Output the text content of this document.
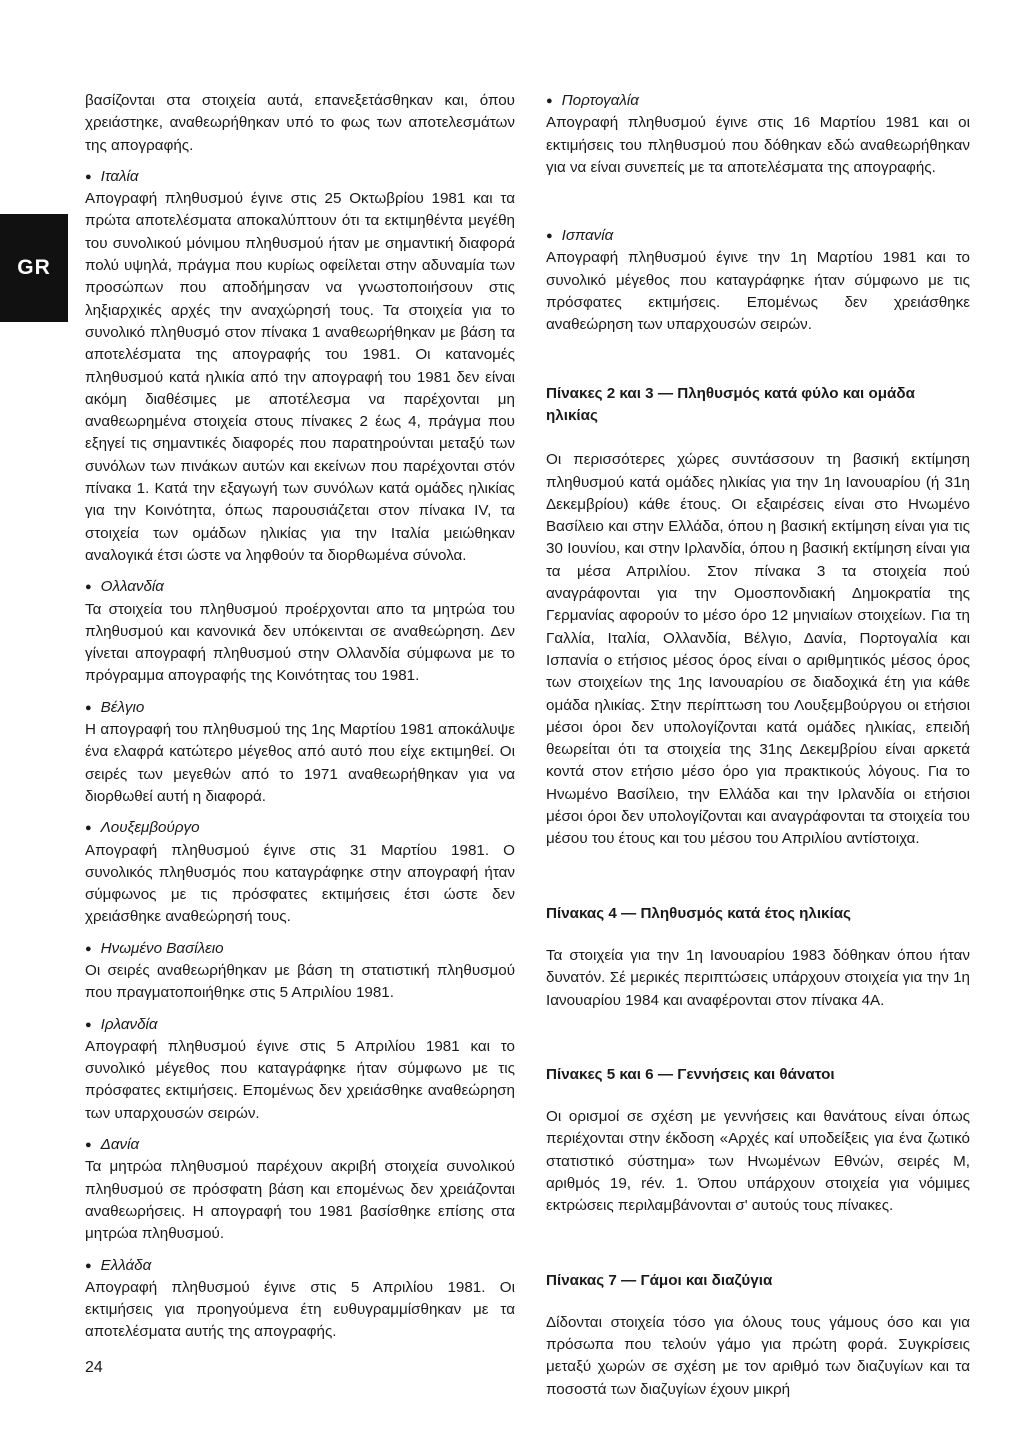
GR

βασίζονται στα στοιχεία αυτά, επανεξετάσθηκαν και, όπου χρειάστηκε, αναθεωρήθηκαν υπό το φως των αποτελεσμάτων της απογραφής.

● Ιταλία

Απογραφή πληθυσμού έγινε στις 25 Οκτωβρίου 1981 και τα πρώτα αποτελέσματα αποκαλύπτουν ότι τα εκτιμηθέντα μεγέθη του συνολικού μόνιμου πληθυσμού ήταν με σημαντική διαφορά πολύ υψηλά, πράγμα που κυρίως οφείλεται στην αδυναμία των προσώπων που αποδήμησαν να γνωστοποιήσουν στις ληξιαρχικές αρχές την αναχώρησή τους. Τα στοιχεία για το συνολικό πληθυσμό στον πίνακα 1 αναθεωρήθηκαν με βάση τα αποτελέσματα της απογραφής του 1981. Οι κατανομές πληθυσμού κατά ηλικία από την απογραφή του 1981 δεν είναι ακόμη διαθέσιμες με αποτέλεσμα να παρέχονται μη αναθεωρημένα στοιχεία στους πίνακες 2 έως 4, πράγμα που εξηγεί τις σημαντικές διαφορές που παρατηρούνται μεταξύ των συνόλων των πινάκων αυτών και εκείνων που παρέχονται στόν πίνακα 1. Κατά την εξαγωγή των συνόλων κατά ομάδες ηλικίας για την Κοινότητα, όπως παρουσιάζεται στον πίνακα IV, τα στοιχεία των ομάδων ηλικίας για την Ιταλία μειώθηκαν αναλογικά έτσι ώστε να ληφθούν τα διορθωμένα σύνολα.

● Ολλανδία

Τα στοιχεία του πληθυσμού προέρχονται απο τα μητρώα του πληθυσμού και κανονικά δεν υπόκεινται σε αναθεώρηση. Δεν γίνεται απογραφή πληθυσμού στην Ολλανδία σύμφωνα με το πρόγραμμα απογραφής της Κοινότητας του 1981.

● Βέλγιο

Η απογραφή του πληθυσμού της 1ης Μαρτίου 1981 αποκάλυψε ένα ελαφρά κατώτερο μέγεθος από αυτό που είχε εκτιμηθεί. Οι σειρές των μεγεθών από το 1971 αναθεωρήθηκαν για να διορθωθεί αυτή η διαφορά.

● Λουξεμβούργο

Απογραφή πληθυσμού έγινε στις 31 Μαρτίου 1981. Ο συνολικός πληθυσμός που καταγράφηκε στην απογραφή ήταν σύμφωνος με τις πρόσφατες εκτιμήσεις έτσι ώστε δεν χρειάσθηκε αναθεώρησή τους.

● Ηνωμένο Βασίλειο

Οι σειρές αναθεωρήθηκαν με βάση τη στατιστική πληθυσμού που πραγματοποιήθηκε στις 5 Απριλίου 1981.

● Ιρλανδία

Απογραφή πληθυσμού έγινε στις 5 Απριλίου 1981 και το συνολικό μέγεθος που καταγράφηκε ήταν σύμφωνο με τις πρόσφατες εκτιμήσεις. Επομένως δεν χρειάσθηκε αναθεώρηση των υπαρχουσών σειρών.

● Δανία

Τα μητρώα πληθυσμού παρέχουν ακριβή στοιχεία συνολικού πληθυσμού σε πρόσφατη βάση και επομένως δεν χρειάζονται αναθεωρήσεις. Η απογραφή του 1981 βασίσθηκε επίσης στα μητρώα πληθυσμού.

● Ελλάδα

Απογραφή πληθυσμού έγινε στις 5 Απριλίου 1981. Οι εκτιμήσεις για προηγούμενα έτη ευθυγραμμίσθηκαν με τα αποτελέσματα αυτής της απογραφής.

● Πορτογαλία

Απογραφή πληθυσμού έγινε στις 16 Μαρτίου 1981 και οι εκτιμήσεις του πληθυσμού που δόθηκαν εδώ αναθεωρήθηκαν για να είναι συνεπείς με τα αποτελέσματα της απογραφής.

● Ισπανία

Απογραφή πληθυσμού έγινε την 1η Μαρτίου 1981 και το συνολικό μέγεθος που καταγράφηκε ήταν σύμφωνο με τις πρόσφατες εκτιμήσεις. Επομένως δεν χρειάσθηκε αναθεώρηση των υπαρχουσών σειρών.

Πίνακες 2 και 3 — Πληθυσμός κατά φύλο και ομάδα ηλικίας

Οι περισσότερες χώρες συντάσσουν τη βασική εκτίμηση πληθυσμού κατά ομάδες ηλικίας για την 1η Ιανουαρίου (ή 31η Δεκεμβρίου) κάθε έτους. Οι εξαιρέσεις είναι στο Ηνωμένο Βασίλειο και στην Ελλάδα, όπου η βασική εκτίμηση είναι για τις 30 Ιουνίου, και στην Ιρλανδία, όπου η βασική εκτίμηση είναι για τα μέσα Απριλίου. Στον πίνακα 3 τα στοιχεία πού αναγράφονται για την Ομοσπονδιακή Δημοκρατία της Γερμανίας αφορούν το μέσο όρο 12 μηνιαίων στοιχείων. Για τη Γαλλία, Ιταλία, Ολλανδία, Βέλγιο, Δανία, Πορτογαλία και Ισπανία ο ετήσιος μέσος όρος είναι ο αριθμητικός μέσος όρος των στοιχείων της 1ης Ιανουαρίου σε διαδοχικά έτη για κάθε ομάδα ηλικίας. Στην περίπτωση του Λουξεμβούργου οι ετήσιοι μέσοι όροι δεν υπολογίζονται κατά ομάδες ηλικίας, επειδή θεωρείται ότι τα στοιχεία της 31ης Δεκεμβρίου είναι αρκετά κοντά στον ετήσιο μέσο όρο για πρακτικούς λόγους. Για το Ηνωμένο Βασίλειο, την Ελλάδα και την Ιρλανδία οι ετήσιοι μέσοι όροι δεν υπολογίζονται και αναγράφονται τα στοιχεία του μέσου του έτους και του μέσου του Απριλίου αντίστοιχα.

Πίνακας 4 — Πληθυσμός κατά έτος ηλικίας

Τα στοιχεία για την 1η Ιανουαρίου 1983 δόθηκαν όπου ήταν δυνατόν. Σέ μερικές περιπτώσεις υπάρχουν στοιχεία για την 1η Ιανουαρίου 1984 και αναφέρονται στον πίνακα 4Α.

Πίνακες 5 και 6 — Γεννήσεις και θάνατοι

Οι ορισμοί σε σχέση με γεννήσεις και θανάτους είναι όπως περιέχονται στην έκδοση «Αρχές καί υποδείξεις για ένα ζωτικό στατιστικό σύστημα» των Ηνωμένων Εθνών, σειρές Μ, αριθμός 19, rév. 1. Όπου υπάρχουν στοιχεία για νόμιμες εκτρώσεις περιλαμβάνονται σ' αυτούς τους πίνακες.

Πίνακας 7 — Γάμοι και διαζύγια

Δίδονται στοιχεία τόσο για όλους τους γάμους όσο και για πρόσωπα που τελούν γάμο για πρώτη φορά. Συγκρίσεις μεταξύ χωρών σε σχέση με τον αριθμό των διαζυγίων και τα ποσοστά των διαζυγίων έχουν μικρή

24
